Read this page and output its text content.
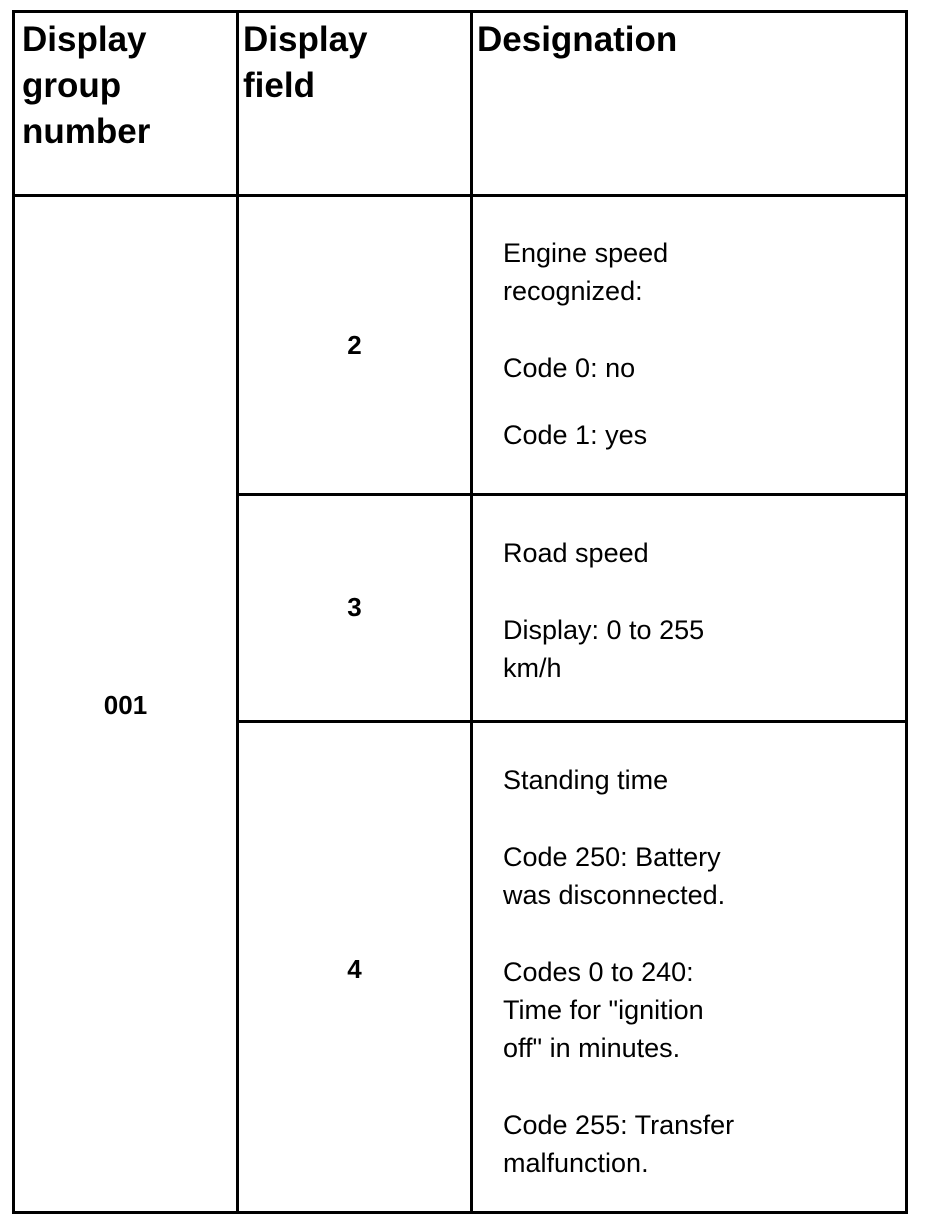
Display
group
number
Display
field
Designation
001
2
3
4

Engine speed
recognized:

Code 0: no

Code 1: yes

Road speed

Display: 0 to 255
km/h

Standing time

Code 250: Battery
was disconnected.

Codes 0 to 240:
Time for "ignition
off" in minutes.

Code 255: Transfer
malfunction.
